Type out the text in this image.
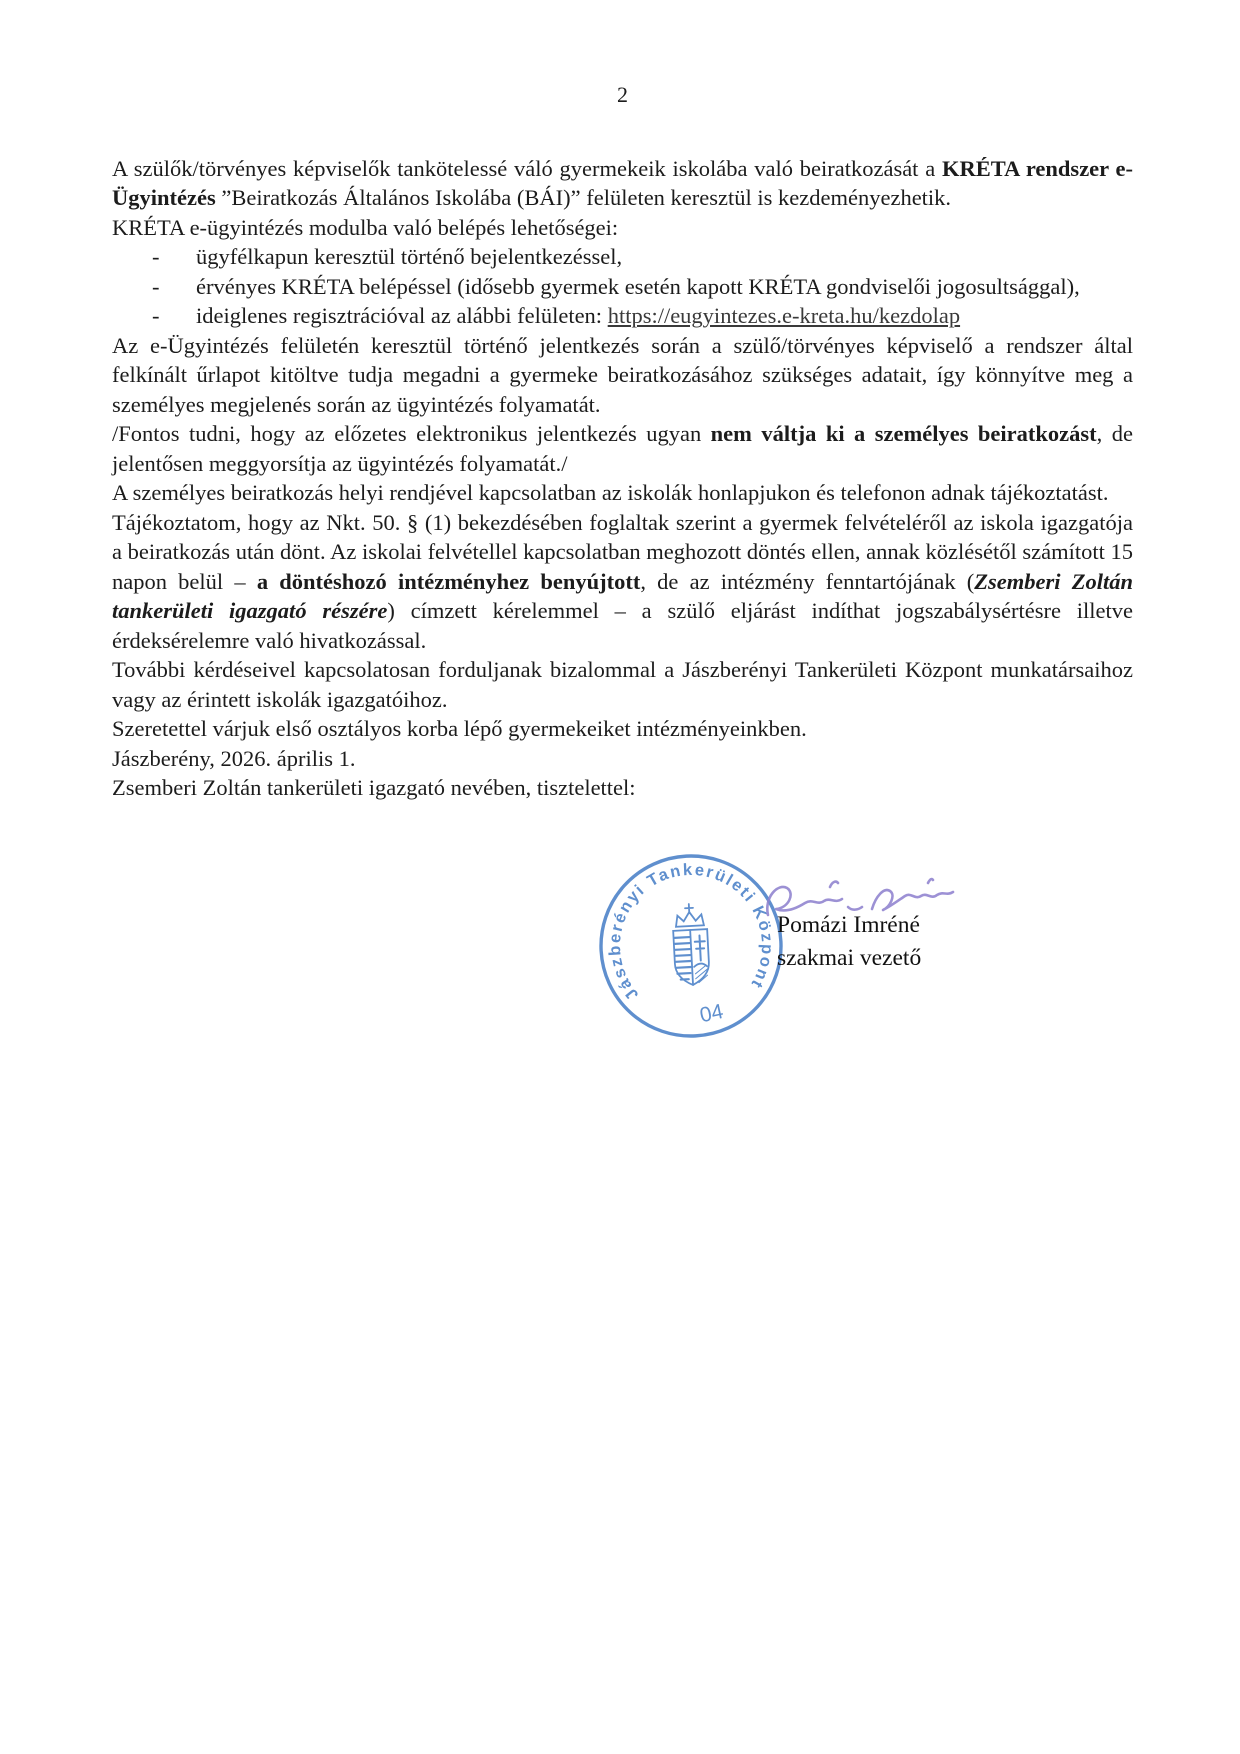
2

A szülők/törvényes képviselők tankötelessé váló gyermekeik iskolába való beiratkozását a KRÉTA rendszer e-Ügyintézés ”Beiratkozás Általános Iskolába (BÁI)” felületen keresztül is kezdeményezhetik.

KRÉTA e-ügyintézés modulba való belépés lehetőségei:

-	ügyfélkapun keresztül történő bejelentkezéssel,
-	érvényes KRÉTA belépéssel (idősebb gyermek esetén kapott KRÉTA gondviselői jogosultsággal),
-	ideiglenes regisztrációval az alábbi felületen: https://eugyintezes.e-kreta.hu/kezdolap

Az e-Ügyintézés felületén keresztül történő jelentkezés során a szülő/törvényes képviselő a rendszer által felkínált űrlapot kitöltve tudja megadni a gyermeke beiratkozásához szükséges adatait, így könnyítve meg a személyes megjelenés során az ügyintézés folyamatát.

/Fontos tudni, hogy az előzetes elektronikus jelentkezés ugyan nem váltja ki a személyes beiratkozást, de jelentősen meggyorsítja az ügyintézés folyamatát./

A személyes beiratkozás helyi rendjével kapcsolatban az iskolák honlapjukon és telefonon adnak tájékoztatást.

Tájékoztatom, hogy az Nkt. 50. § (1) bekezdésében foglaltak szerint a gyermek felvételéről az iskola igazgatója a beiratkozás után dönt. Az iskolai felvétellel kapcsolatban meghozott döntés ellen, annak közlésétől számított 15 napon belül – a döntéshozó intézményhez benyújtott, de az intézmény fenntartójának (Zsemberi Zoltán tankerületi igazgató részére) címzett kérelemmel – a szülő eljárást indíthat jogszabálysértésre illetve érdeksérelemre való hivatkozással.

További kérdéseivel kapcsolatosan forduljanak bizalommal a Jászberényi Tankerületi Központ munkatársaihoz vagy az érintett iskolák igazgatóihoz.

Szeretettel várjuk első osztályos korba lépő gyermekeiket intézményeinkben.

Jászberény, 2026. április 1.

Zsemberi Zoltán tankerületi igazgató nevében, tisztelettel:

Jászberényi Tankerületi Központ
04
Pomázi Imréné
szakmai vezető
